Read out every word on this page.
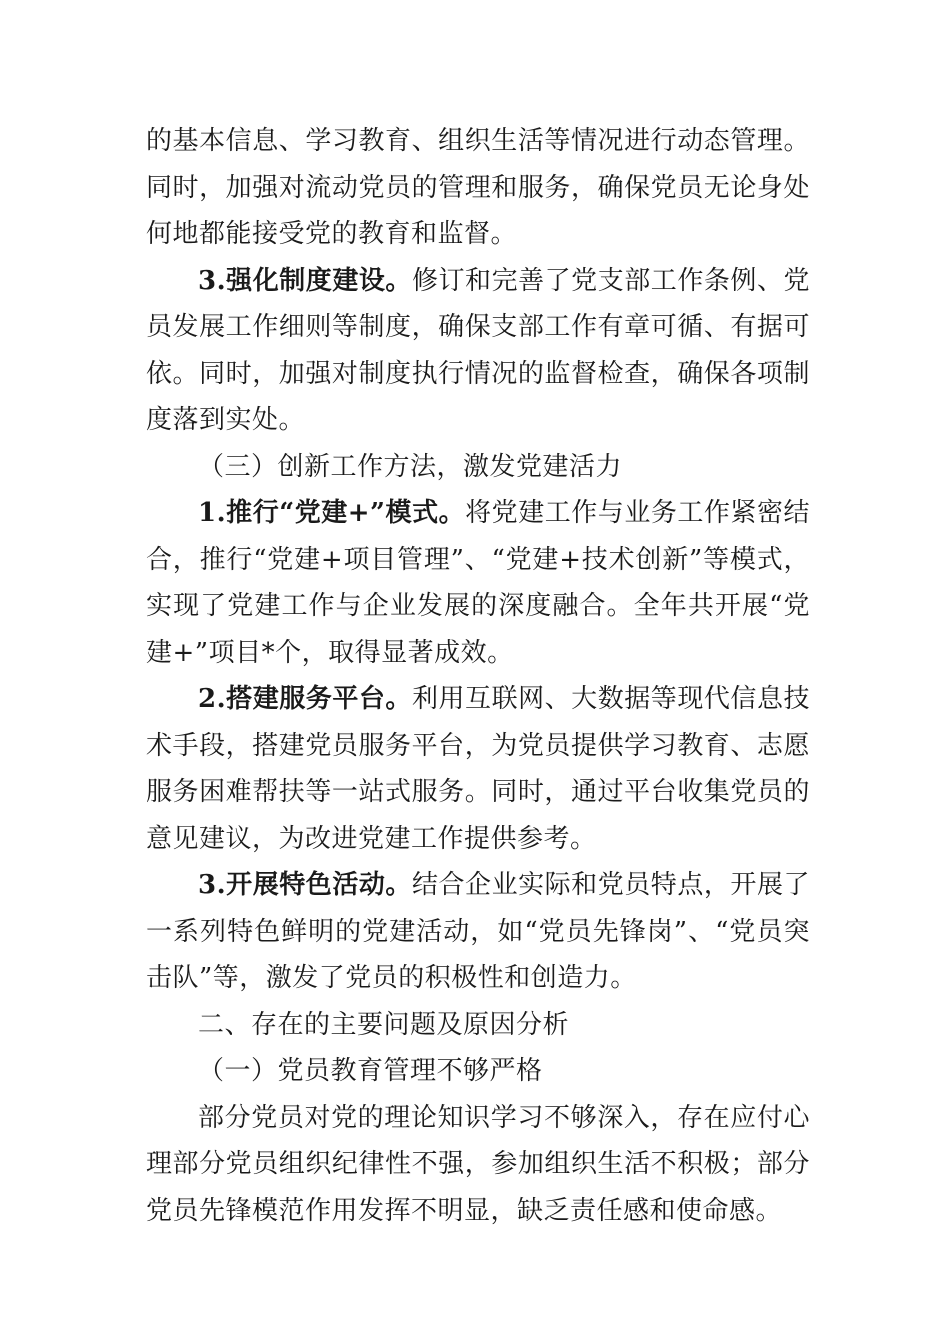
的基本信息、学习教育、组织生活等情况进行动态管理。同时，加强对流动党员的管理和服务，确保党员无论身处何地都能接受党的教育和监督。

3.强化制度建设。修订和完善了党支部工作条例、党员发展工作细则等制度，确保支部工作有章可循、有据可依。同时，加强对制度执行情况的监督检查，确保各项制度落到实处。

（三）创新工作方法，激发党建活力

1.推行“党建+”模式。将党建工作与业务工作紧密结合，推行“党建+项目管理”、“党建+技术创新”等模式，实现了党建工作与企业发展的深度融合。全年共开展“党建+”项目*个，取得显著成效。

2.搭建服务平台。利用互联网、大数据等现代信息技术手段，搭建党员服务平台，为党员提供学习教育、志愿服务困难帮扶等一站式服务。同时，通过平台收集党员的意见建议，为改进党建工作提供参考。

3.开展特色活动。结合企业实际和党员特点，开展了一系列特色鲜明的党建活动，如“党员先锋岗”、“党员突击队”等，激发了党员的积极性和创造力。

二、存在的主要问题及原因分析

（一）党员教育管理不够严格

部分党员对党的理论知识学习不够深入，存在应付心理部分党员组织纪律性不强，参加组织生活不积极；部分党员先锋模范作用发挥不明显，缺乏责任感和使命感。
